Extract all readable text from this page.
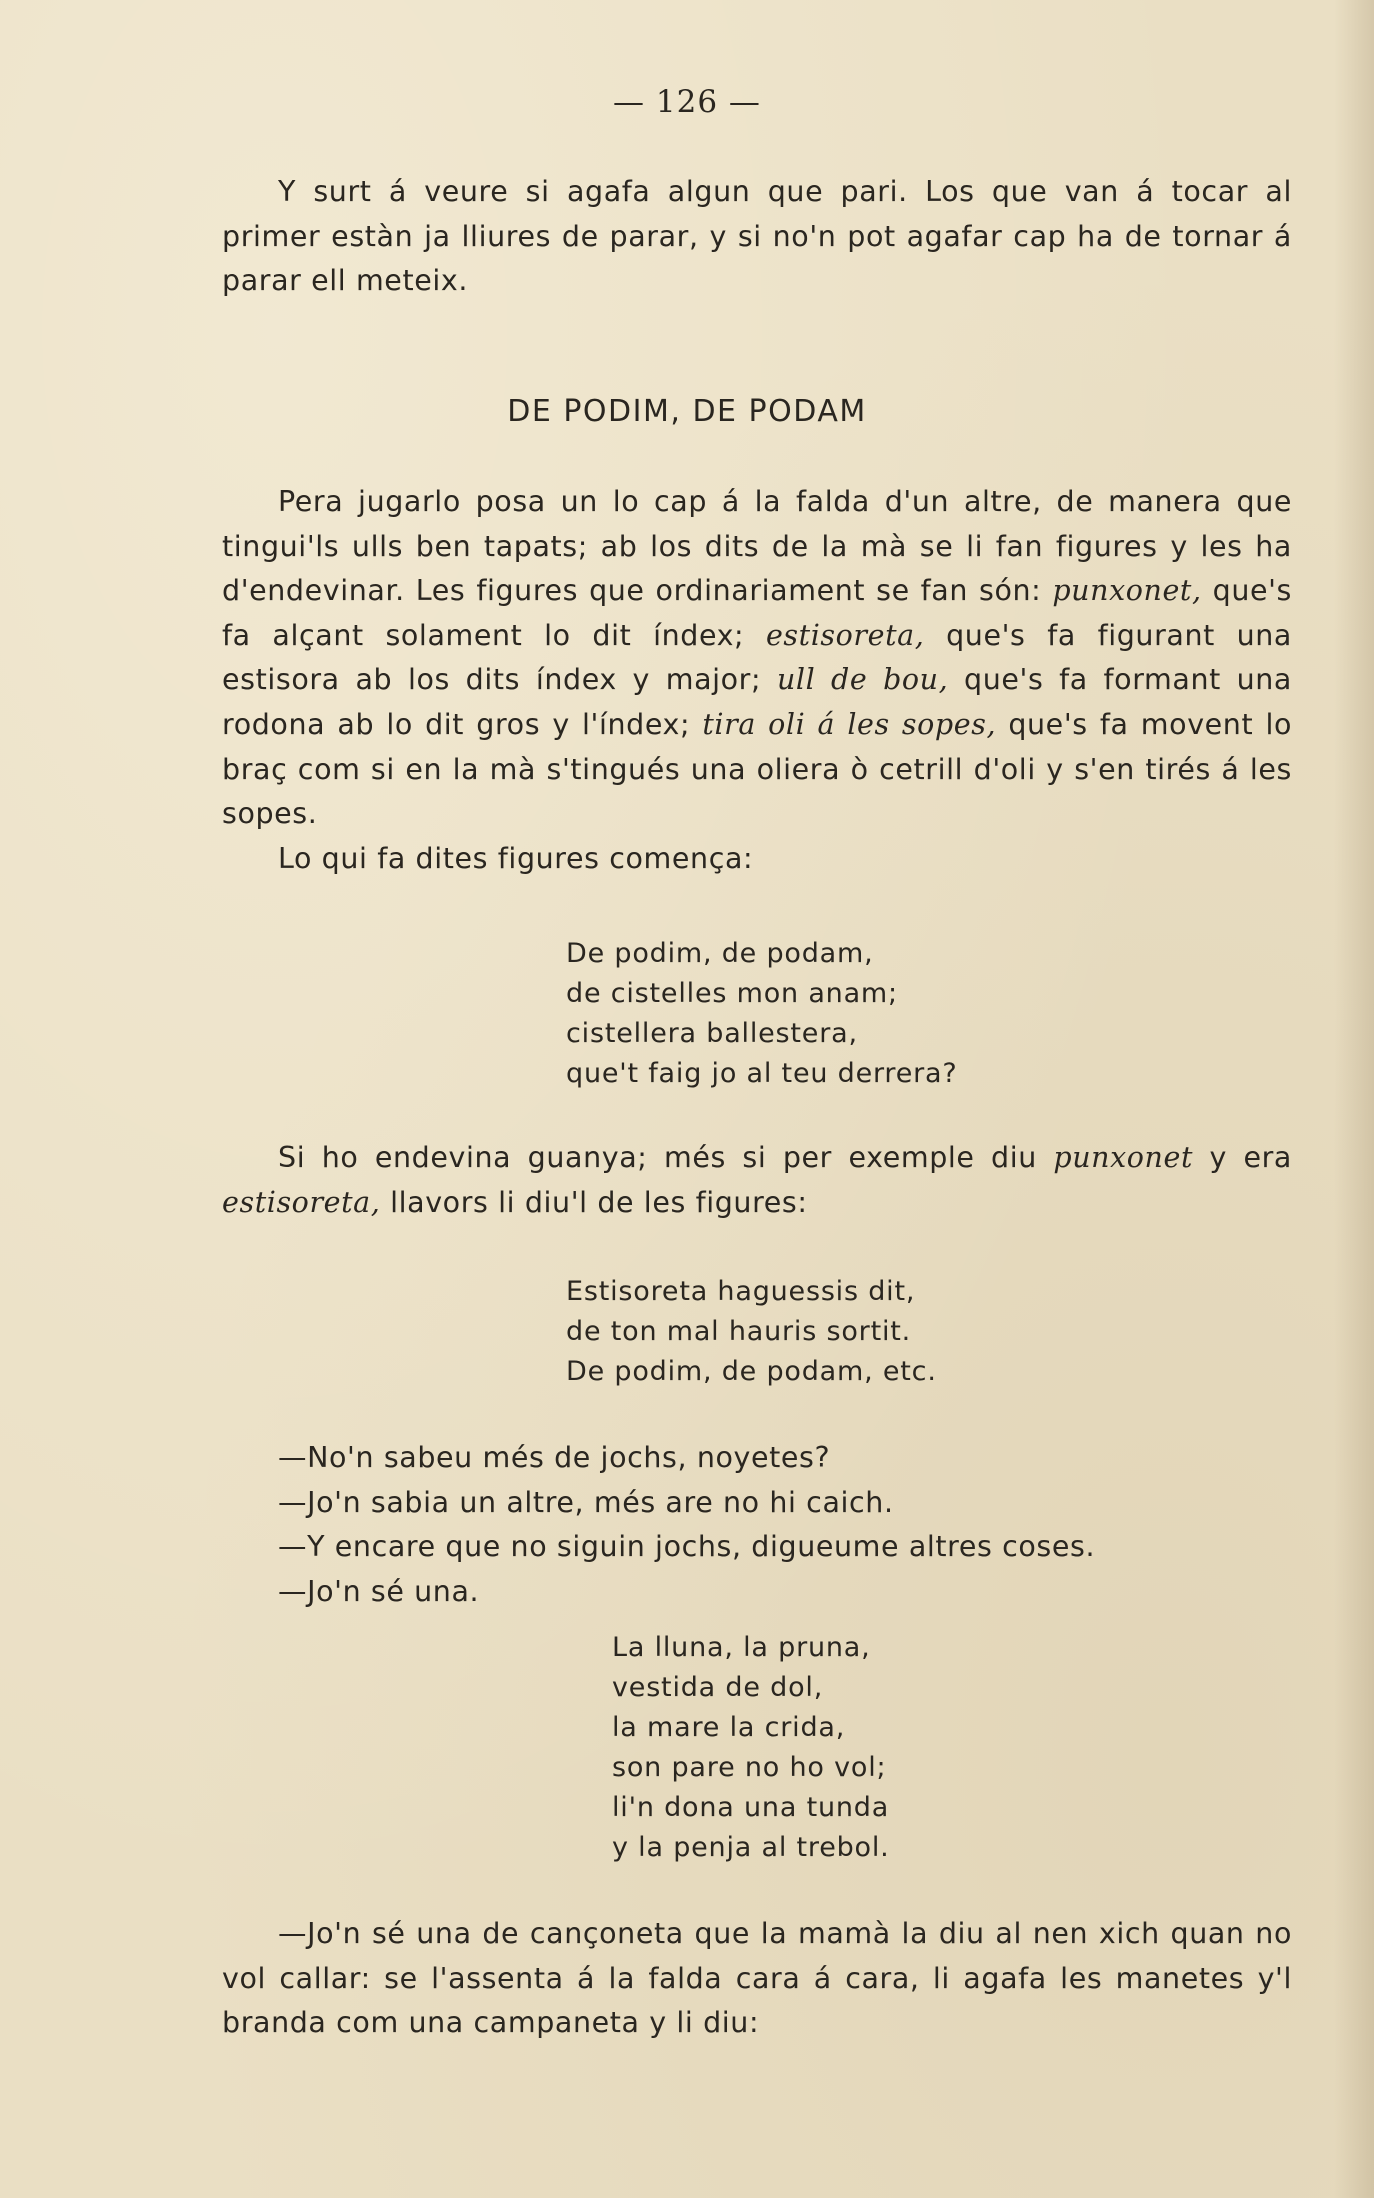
— 126 —

Y surt á veure si agafa algun que pari. Los que van á tocar al primer estàn ja lliures de parar, y si no'n pot agafar cap ha de tornar á parar ell meteix.

DE PODIM, DE PODAM

Pera jugarlo posa un lo cap á la falda d'un altre, de manera que tingui'ls ulls ben tapats; ab los dits de la mà se li fan figures y les ha d'endevinar. Les figures que ordinariament se fan són: punxonet, que's fa alçant solament lo dit índex; estisoreta, que's fa figurant una estisora ab los dits índex y major; ull de bou, que's fa formant una rodona ab lo dit gros y l'índex; tira oli á les sopes, que's fa movent lo braç com si en la mà s'tingués una oliera ò cetrill d'oli y s'en tirés á les sopes.

Lo qui fa dites figures comença:

De podim, de podam,
de cistelles mon anam;
cistellera ballestera,
que't faig jo al teu derrera?

Si ho endevina guanya; més si per exemple diu punxonet y era estisoreta, llavors li diu'l de les figures:

Estisoreta haguessis dit,
de ton mal hauris sortit.
De podim, de podam, etc.
—No'n sabeu més de jochs, noyetes?
—Jo'n sabia un altre, més are no hi caich.
—Y encare que no siguin jochs, digueume altres coses.
—Jo'n sé una.
La lluna, la pruna,
vestida de dol,
la mare la crida,
son pare no ho vol;
li'n dona una tunda
y la penja al trebol.

—Jo'n sé una de cançoneta que la mamà la diu al nen xich quan no vol callar: se l'assenta á la falda cara á cara, li agafa les manetes y'l branda com una campaneta y li diu:
